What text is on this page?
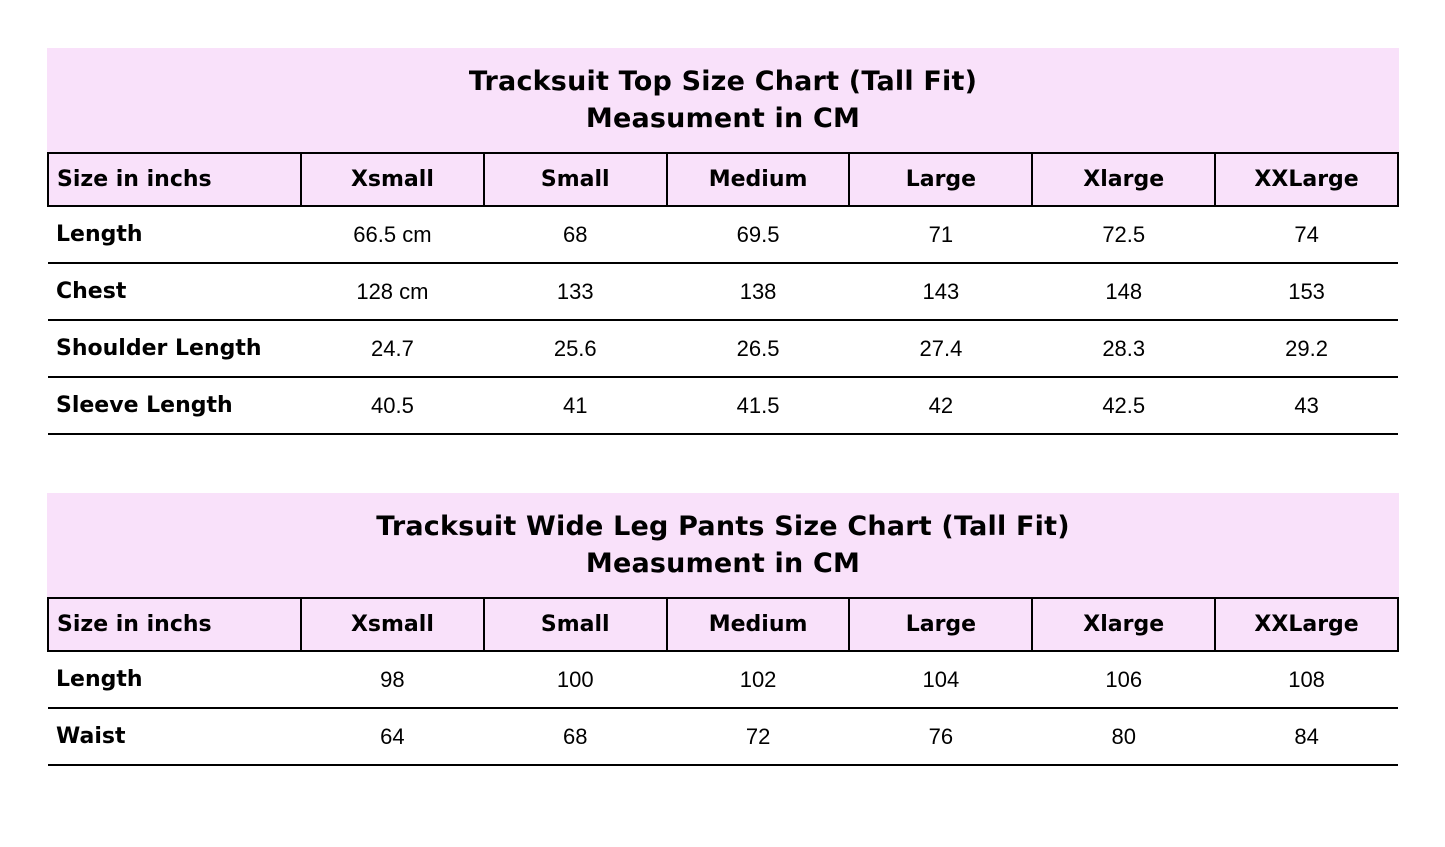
Tracksuit Top Size Chart (Tall Fit)
Measument in CM
Size in inchs	Xsmall	Small	Medium	Large	Xlarge	XXLarge
Length	66.5 cm	68	69.5	71	72.5	74
Chest	128 cm	133	138	143	148	153
Shoulder Length	24.7	25.6	26.5	27.4	28.3	29.2
Sleeve Length	40.5	41	41.5	42	42.5	43
Tracksuit Wide Leg Pants Size Chart (Tall Fit)
Measument in CM
Size in inchs	Xsmall	Small	Medium	Large	Xlarge	XXLarge
Length	98	100	102	104	106	108
Waist	64	68	72	76	80	84
